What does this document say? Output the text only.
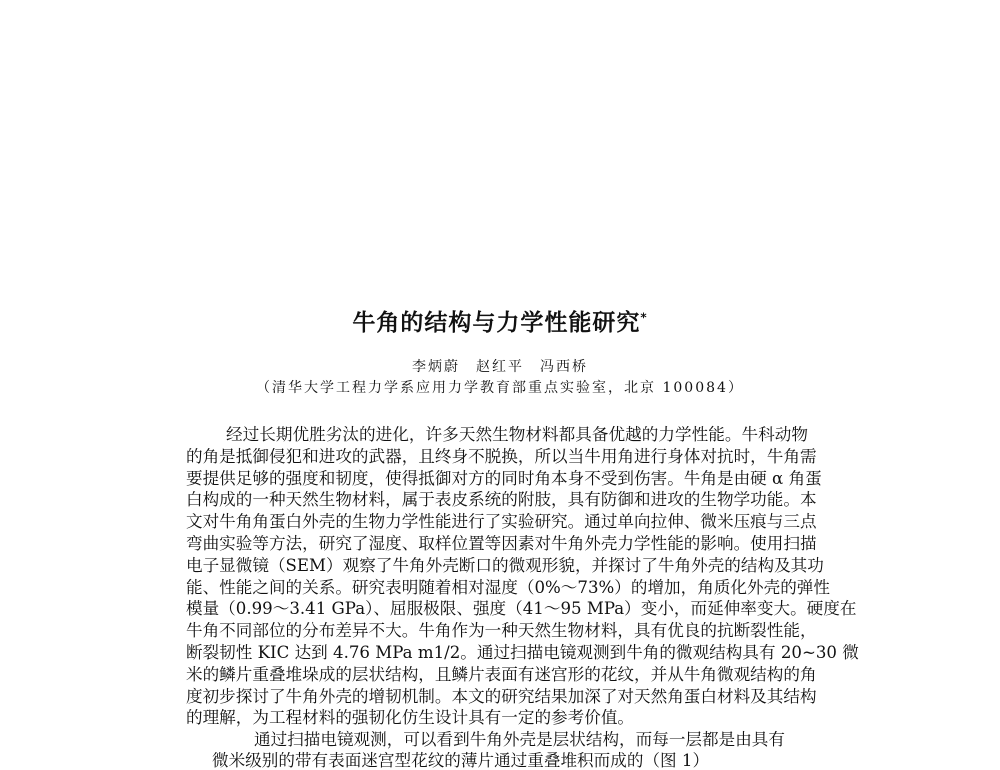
牛角的结构与力学性能研究*
李炳蔚　赵红平　冯西桥
（清华大学工程力学系应用力学教育部重点实验室，北京 100084）
经过长期优胜劣汰的进化，许多天然生物材料都具备优越的力学性能。牛科动物
的角是抵御侵犯和进攻的武器，且终身不脱换，所以当牛用角进行身体对抗时，牛角需
要提供足够的强度和韧度，使得抵御对方的同时角本身不受到伤害。牛角是由硬 α 角蛋
白构成的一种天然生物材料，属于表皮系统的附肢，具有防御和进攻的生物学功能。本
文对牛角角蛋白外壳的生物力学性能进行了实验研究。通过单向拉伸、微米压痕与三点
弯曲实验等方法，研究了湿度、取样位置等因素对牛角外壳力学性能的影响。使用扫描
电子显微镜（SEM）观察了牛角外壳断口的微观形貌，并探讨了牛角外壳的结构及其功
能、性能之间的关系。研究表明随着相对湿度（0%～73%）的增加，角质化外壳的弹性
模量（0.99～3.41 GPa）、屈服极限、强度（41～95 MPa）变小，而延伸率变大。硬度在
牛角不同部位的分布差异不大。牛角作为一种天然生物材料，具有优良的抗断裂性能，
断裂韧性 KIC 达到 4.76 MPa m1/2。通过扫描电镜观测到牛角的微观结构具有 20~30 微
米的鳞片重叠堆垛成的层状结构，且鳞片表面有迷宫形的花纹，并从牛角微观结构的角
度初步探讨了牛角外壳的增韧机制。本文的研究结果加深了对天然角蛋白材料及其结构
的理解，为工程材料的强韧化仿生设计具有一定的参考价值。
通过扫描电镜观测，可以看到牛角外壳是层状结构，而每一层都是由具有
微米级别的带有表面迷宫型花纹的薄片通过重叠堆积而成的（图 1）
